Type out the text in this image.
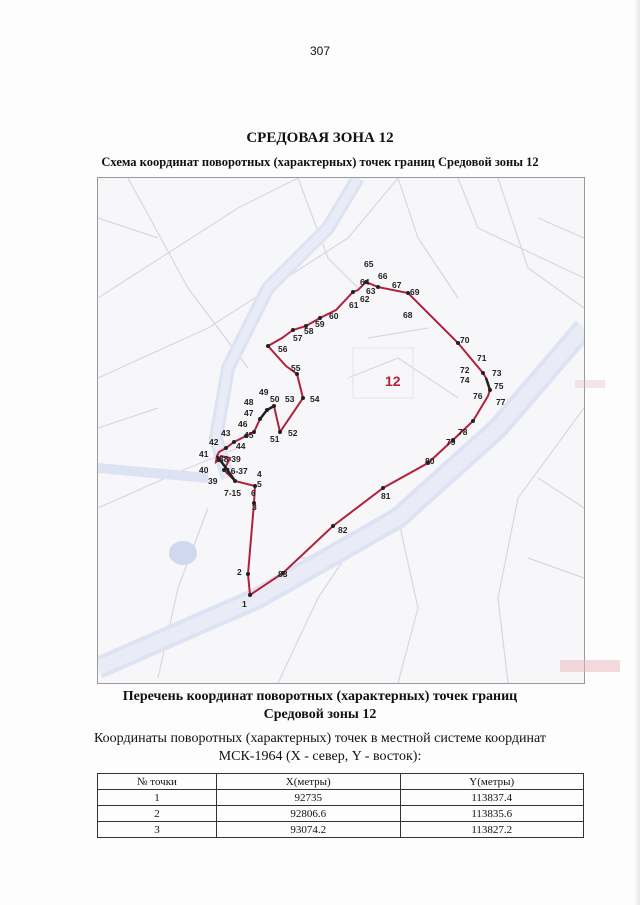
307
СРЕДОВАЯ ЗОНА 12
Схема координат поворотных (характерных) точек границ Средовой зоны 12
12
1
2
3
4
5
6
7-15
16-37
38-39
39
40
41
42
43
44
45
46
47
48
49
50
51
52
53 54
55
56
57
58
59
60
61
62
63
64
65
66
67
68
69
70
71
72	73
74
75
76
77
78
79
80
81
82
83
Перечень координат поворотных (характерных) точек границ
Средовой зоны 12
Координаты поворотных (характерных) точек в местной системе координат
МСК-1964 (X - север, Y - восток):
№ точки	X(метры)	Y(метры)
1	92735	113837.4
2	92806.6	113835.6
3	93074.2	113827.2
